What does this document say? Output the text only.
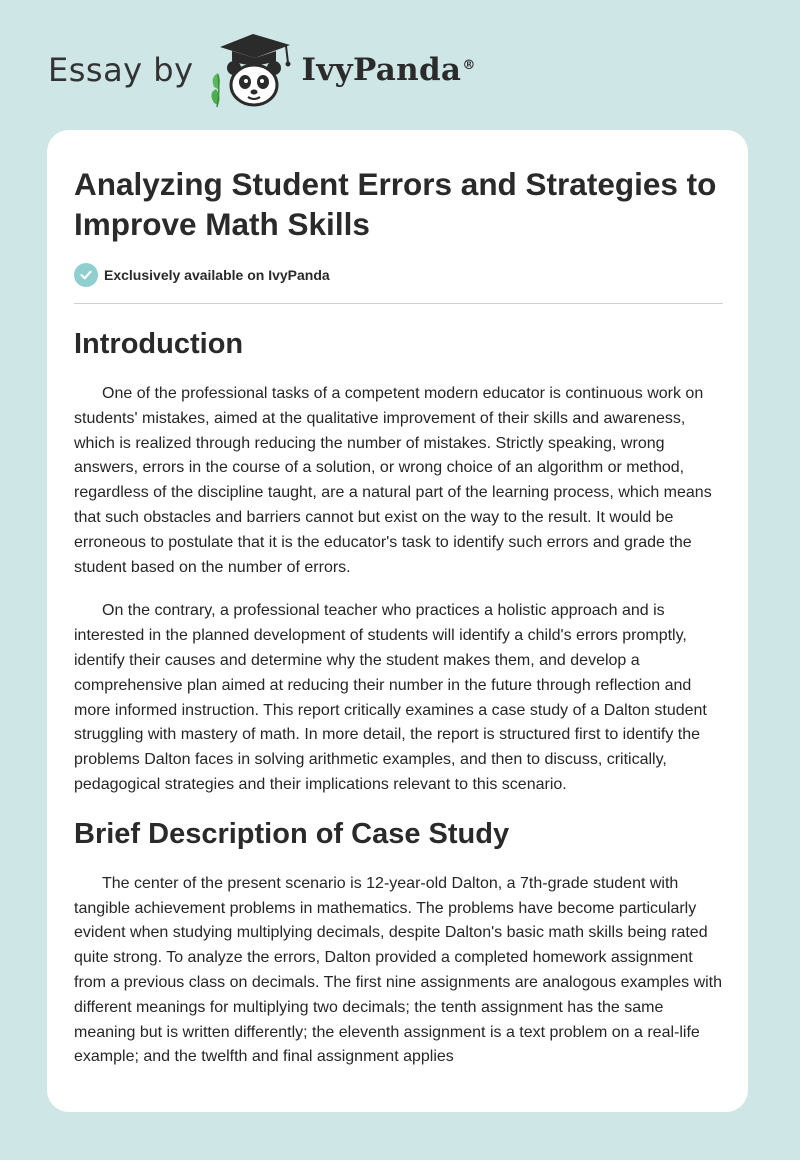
Essay by	IvyPanda®
Analyzing Student Errors and Strategies to Improve Math Skills
Exclusively available on IvyPanda
Introduction

One of the professional tasks of a competent modern educator is continuous work on students' mistakes, aimed at the qualitative improvement of their skills and awareness, which is realized through reducing the number of mistakes. Strictly speaking, wrong answers, errors in the course of a solution, or wrong choice of an algorithm or method, regardless of the discipline taught, are a natural part of the learning process, which means that such obstacles and barriers cannot but exist on the way to the result. It would be erroneous to postulate that it is the educator's task to identify such errors and grade the student based on the number of errors.

On the contrary, a professional teacher who practices a holistic approach and is interested in the planned development of students will identify a child's errors promptly, identify their causes and determine why the student makes them, and develop a comprehensive plan aimed at reducing their number in the future through reflection and more informed instruction. This report critically examines a case study of a Dalton student struggling with mastery of math. In more detail, the report is structured first to identify the problems Dalton faces in solving arithmetic examples, and then to discuss, critically, pedagogical strategies and their implications relevant to this scenario.

Brief Description of Case Study

The center of the present scenario is 12-year-old Dalton, a 7th-grade student with tangible achievement problems in mathematics. The problems have become particularly evident when studying multiplying decimals, despite Dalton's basic math skills being rated quite strong. To analyze the errors, Dalton provided a completed homework assignment from a previous class on decimals. The first nine assignments are analogous examples with different meanings for multiplying two decimals; the tenth assignment has the same meaning but is written differently; the eleventh assignment is a text problem on a real-life example; and the twelfth and final assignment applies
